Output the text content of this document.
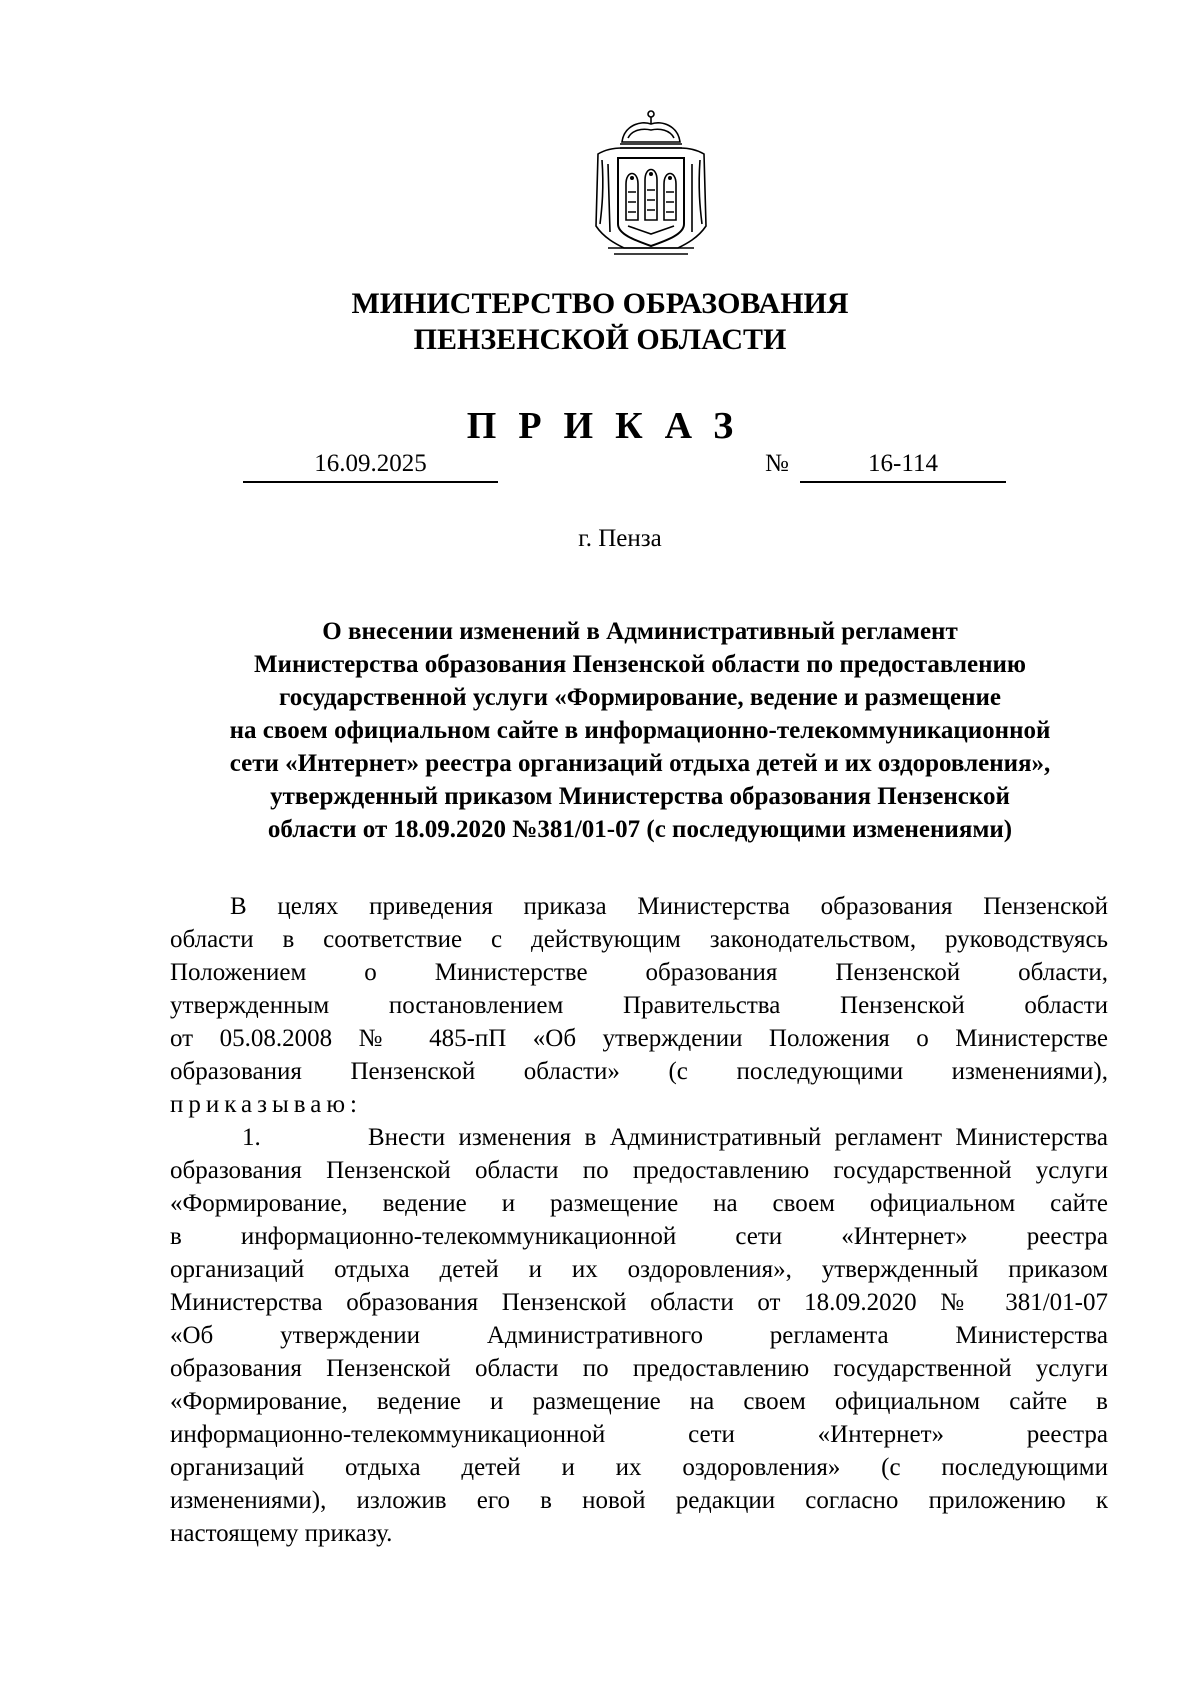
МИНИСТЕРСТВО ОБРАЗОВАНИЯ
ПЕНЗЕНСКОЙ ОБЛАСТИ
ПРИКАЗ
16.09.2025	№	16-114
г. Пенза
О внесении изменений в Административный регламент
Министерства образования Пензенской области по предоставлению
государственной услуги «Формирование, ведение и размещение
на своем официальном сайте в информационно-телекоммуникационной
сети «Интернет» реестра организаций отдыха детей и их оздоровления»,
утвержденный приказом Министерства образования Пензенской
области от 18.09.2020 №381/01-07 (с последующими изменениями)
В целях приведения приказа Министерства образования Пензенской
области в соответствие с действующим законодательством, руководствуясь
Положением о Министерстве образования Пензенской области,
утвержденным постановлением Правительства Пензенской области
от 05.08.2008 № 485-пП «Об утверждении Положения о Министерстве
образования Пензенской области» (с последующими изменениями),
приказываю:
1.	Внести изменения в Административный регламент Министерства
образования Пензенской области по предоставлению государственной услуги
«Формирование, ведение и размещение на своем официальном сайте
в информационно-телекоммуникационной сети «Интернет» реестра
организаций отдыха детей и их оздоровления», утвержденный приказом
Министерства образования Пензенской области от 18.09.2020 № 381/01-07
«Об утверждении Административного регламента Министерства
образования Пензенской области по предоставлению государственной услуги
«Формирование, ведение и размещение на своем официальном сайте в
информационно-телекоммуникационной сети «Интернет» реестра
организаций отдыха детей и их оздоровления» (с последующими
изменениями), изложив его в новой редакции согласно приложению к
настоящему приказу.
